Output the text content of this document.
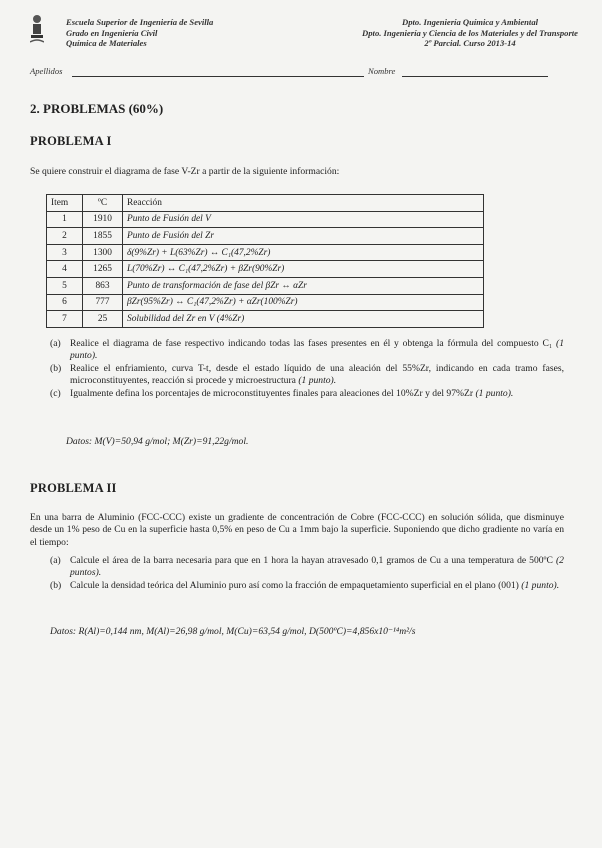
Escuela Superior de Ingeniería de Sevilla
Grado en Ingeniería Civil
Química de Materiales
Dpto. Ingeniería Química y Ambiental
Dpto. Ingeniería y Ciencia de los Materiales y del Transporte
2º Parcial. Curso 2013-14
Apellidos	Nombre
2. PROBLEMAS (60%)
PROBLEMA I
Se quiere construir el diagrama de fase V-Zr a partir de la siguiente información:
Item	ºC	Reacción
1	1910	Punto de Fusión del V
2	1855	Punto de Fusión del Zr
3	1300	δ(9%Zr) + L(63%Zr) ↔ C₁(47,2%Zr)
4	1265	L(70%Zr) ↔ C₁(47,2%Zr) + βZr(90%Zr)
5	863	Punto de transformación de fase del βZr ↔ αZr
6	777	βZr(95%Zr) ↔ C₁(47,2%Zr) + αZr(100%Zr)
7	25	Solubilidad del Zr en V (4%Zr)
(a) Realice el diagrama de fase respectivo indicando todas las fases presentes en él y obtenga la fórmula del compuesto C₁ (1 punto).
(b) Realice el enfriamiento, curva T-t, desde el estado líquido de una aleación del 55%Zr, indicando en cada tramo fases, microconstituyentes, reacción si procede y microestructura (1 punto).
(c) Igualmente defina los porcentajes de microconstituyentes finales para aleaciones del 10%Zr y del 97%Zr (1 punto).
Datos: M(V)=50,94 g/mol; M(Zr)=91,22g/mol.
PROBLEMA II
En una barra de Aluminio (FCC-CCC) existe un gradiente de concentración de Cobre (FCC-CCC) en solución sólida, que disminuye desde un 1% peso de Cu en la superficie hasta 0,5% en peso de Cu a 1mm bajo la superficie. Suponiendo que dicho gradiente no varía en el tiempo:
(a) Calcule el área de la barra necesaria para que en 1 hora la hayan atravesado 0,1 gramos de Cu a una temperatura de 500ºC (2 puntos).
(b) Calcule la densidad teórica del Aluminio puro así como la fracción de empaquetamiento superficial en el plano (001) (1 punto).
Datos: R(Al)=0,144 nm, M(Al)=26,98 g/mol, M(Cu)=63,54 g/mol, D(500ºC)=4,856x10⁻¹⁴m²/s
